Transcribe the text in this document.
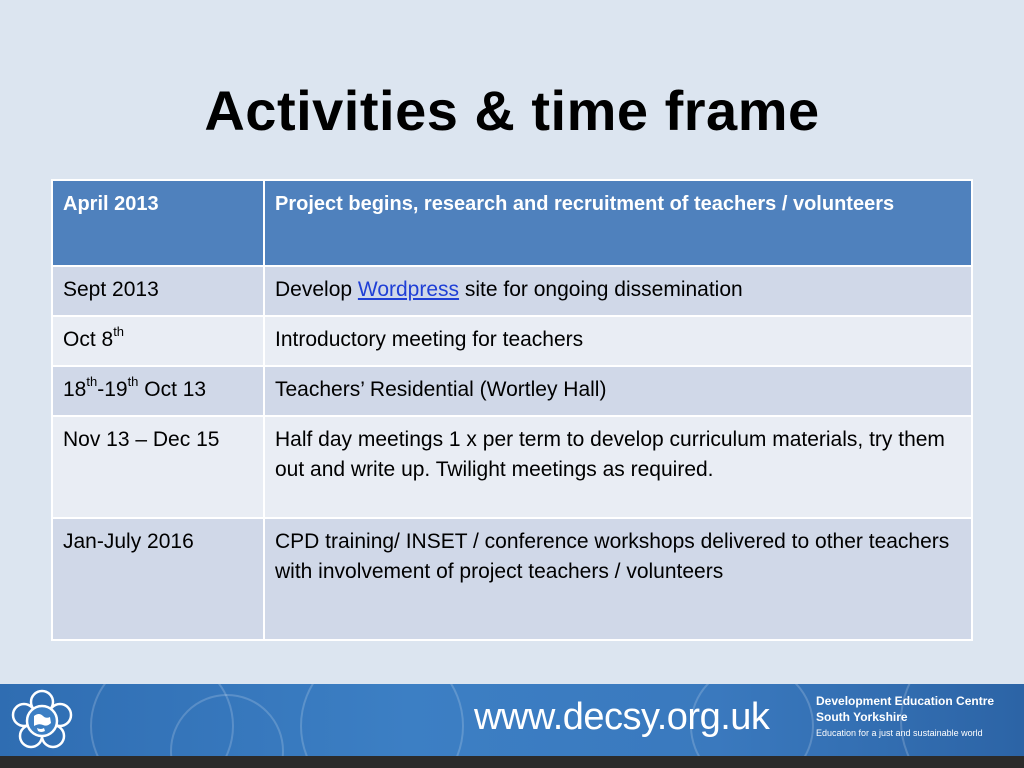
Activities & time frame
April 2013	Project begins, research and recruitment of teachers / volunteers
Sept 2013	Develop Wordpress site for ongoing dissemination
Oct 8th	Introductory meeting for teachers
18th-19th Oct 13	Teachers’ Residential (Wortley Hall)
Nov 13 – Dec 15	Half day meetings 1 x per term to develop curriculum materials, try them out and write up. Twilight meetings as required.
Jan-July 2016	CPD training/ INSET / conference workshops delivered to other teachers with involvement of project teachers / volunteers
www.decsy.org.uk	Development Education Centre
South Yorkshire
Education for a just and sustainable world
